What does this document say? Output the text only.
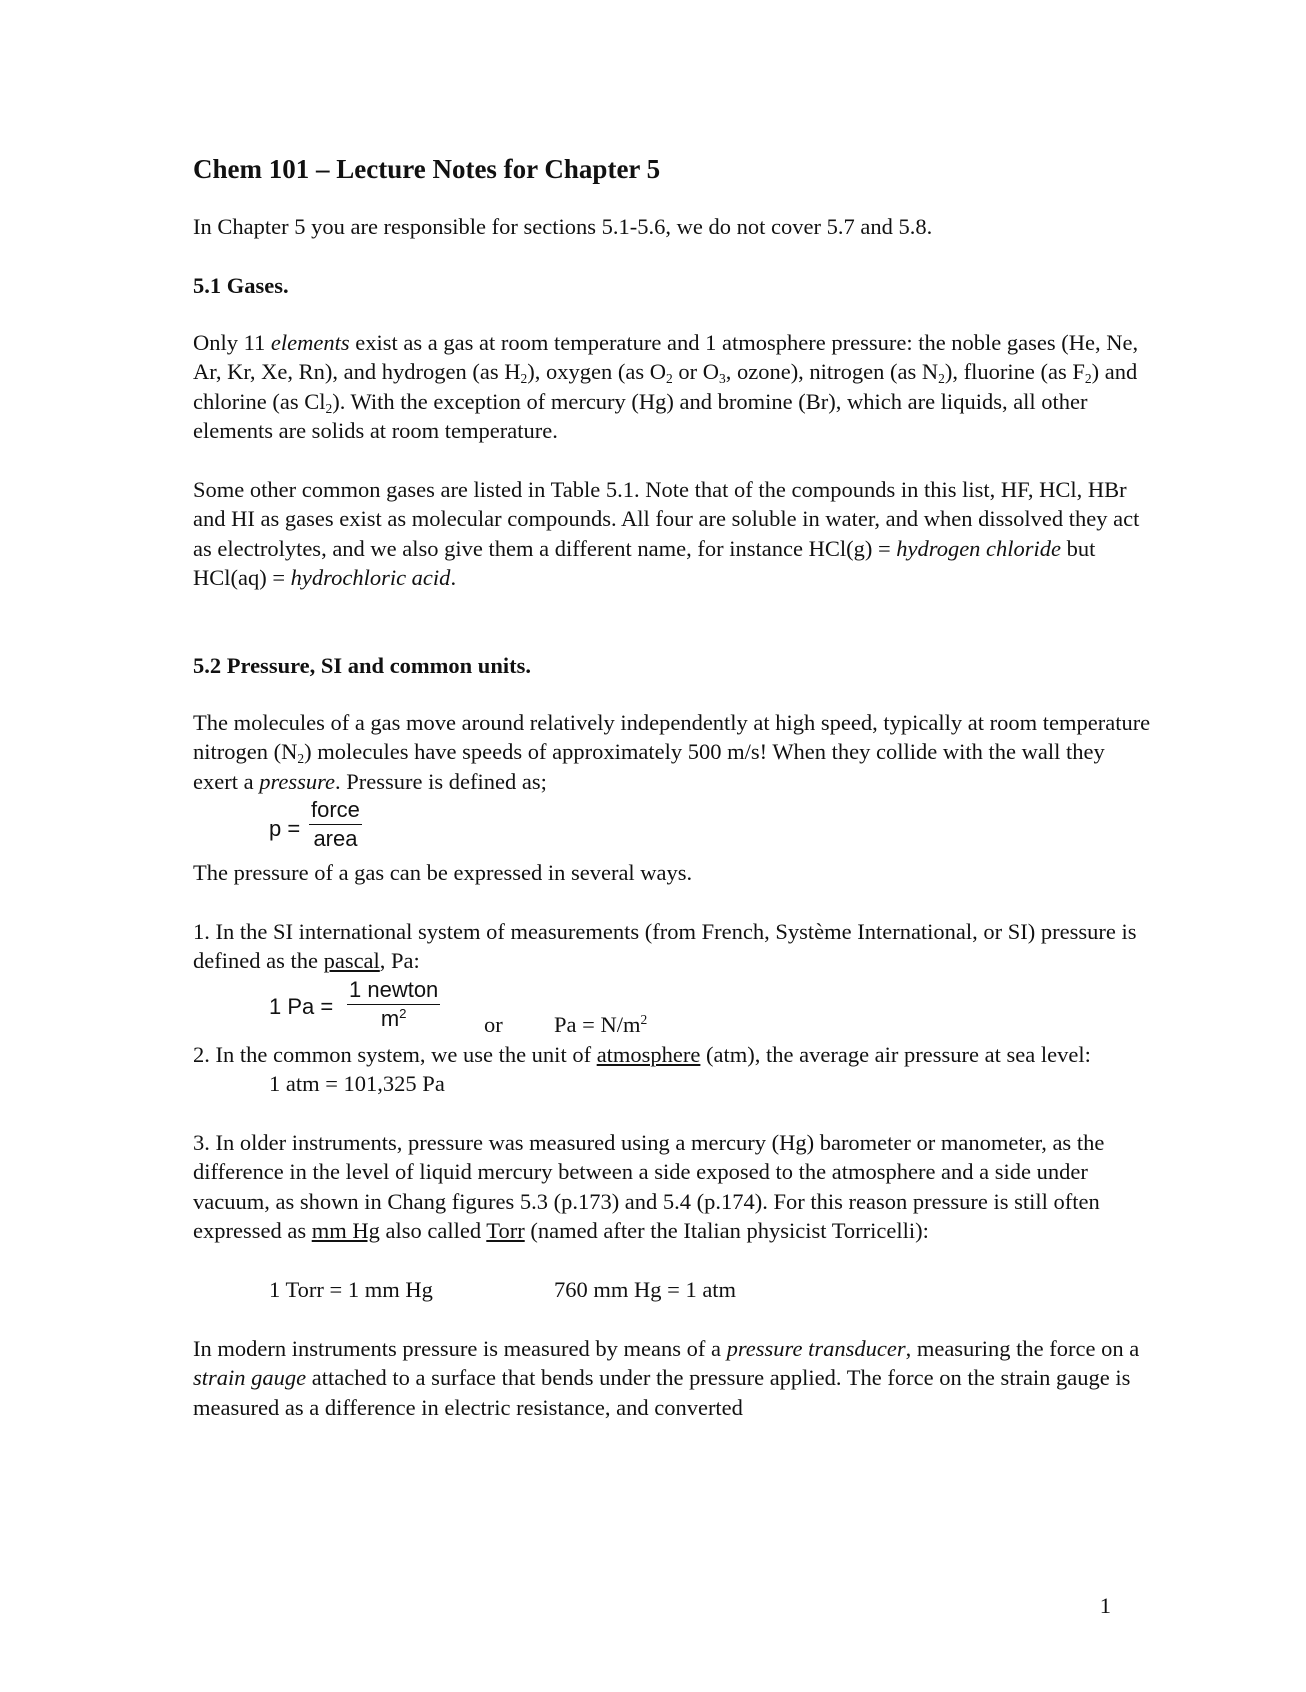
Chem 101 – Lecture Notes for Chapter 5

In Chapter 5 you are responsible for sections 5.1-5.6, we do not cover 5.7 and 5.8.

5.1 Gases.

Only 11 elements exist as a gas at room temperature and 1 atmosphere pressure: the noble gases (He, Ne, Ar, Kr, Xe, Rn), and hydrogen (as $H_2$), oxygen (as $O_2$ or $O_3$, ozone), nitrogen (as $N_2$), fluorine (as $F_2$) and chlorine (as $Cl_2$). With the exception of mercury (Hg) and bromine (Br), which are liquids, all other elements are solids at room temperature.

Some other common gases are listed in Table 5.1. Note that of the compounds in this list, HF, HCl, HBr and HI as gases exist as molecular compounds. All four are soluble in water, and when dissolved they act as electrolytes, and we also give them a different name, for instance HCl(g) = hydrogen chloride but HCl(aq) = hydrochloric acid.

5.2 Pressure, SI and common units.

The molecules of a gas move around relatively independently at high speed, typically at room temperature nitrogen $(N_2)$ molecules have speeds of approximately 500 m/s! When they collide with the wall they exert a pressure. Pressure is defined as;

p =
force
area

The pressure of a gas can be expressed in several ways.

1. In the SI international system of measurements (from French, Système International, or SI) pressure is defined as the pascal, Pa:

1 Pa =
1 newton
$m^2$	or $Pa = N/m^2$

2. In the common system, we use the unit of atmosphere (atm), the average air pressure at sea level:

1 atm = 101,325 Pa

3. In older instruments, pressure was measured using a mercury (Hg) barometer or manometer, as the difference in the level of liquid mercury between a side exposed to the atmosphere and a side under vacuum, as shown in Chang figures 5.3 (p.173) and 5.4 (p.174). For this reason pressure is still often expressed as mm Hg also called Torr (named after the Italian physicist Torricelli):

1 Torr = 1 mm Hg	760 mm Hg = 1 atm

In modern instruments pressure is measured by means of a pressure transducer, measuring the force on a strain gauge attached to a surface that bends under the pressure applied. The force on the strain gauge is measured as a difference in electric resistance, and converted

1
